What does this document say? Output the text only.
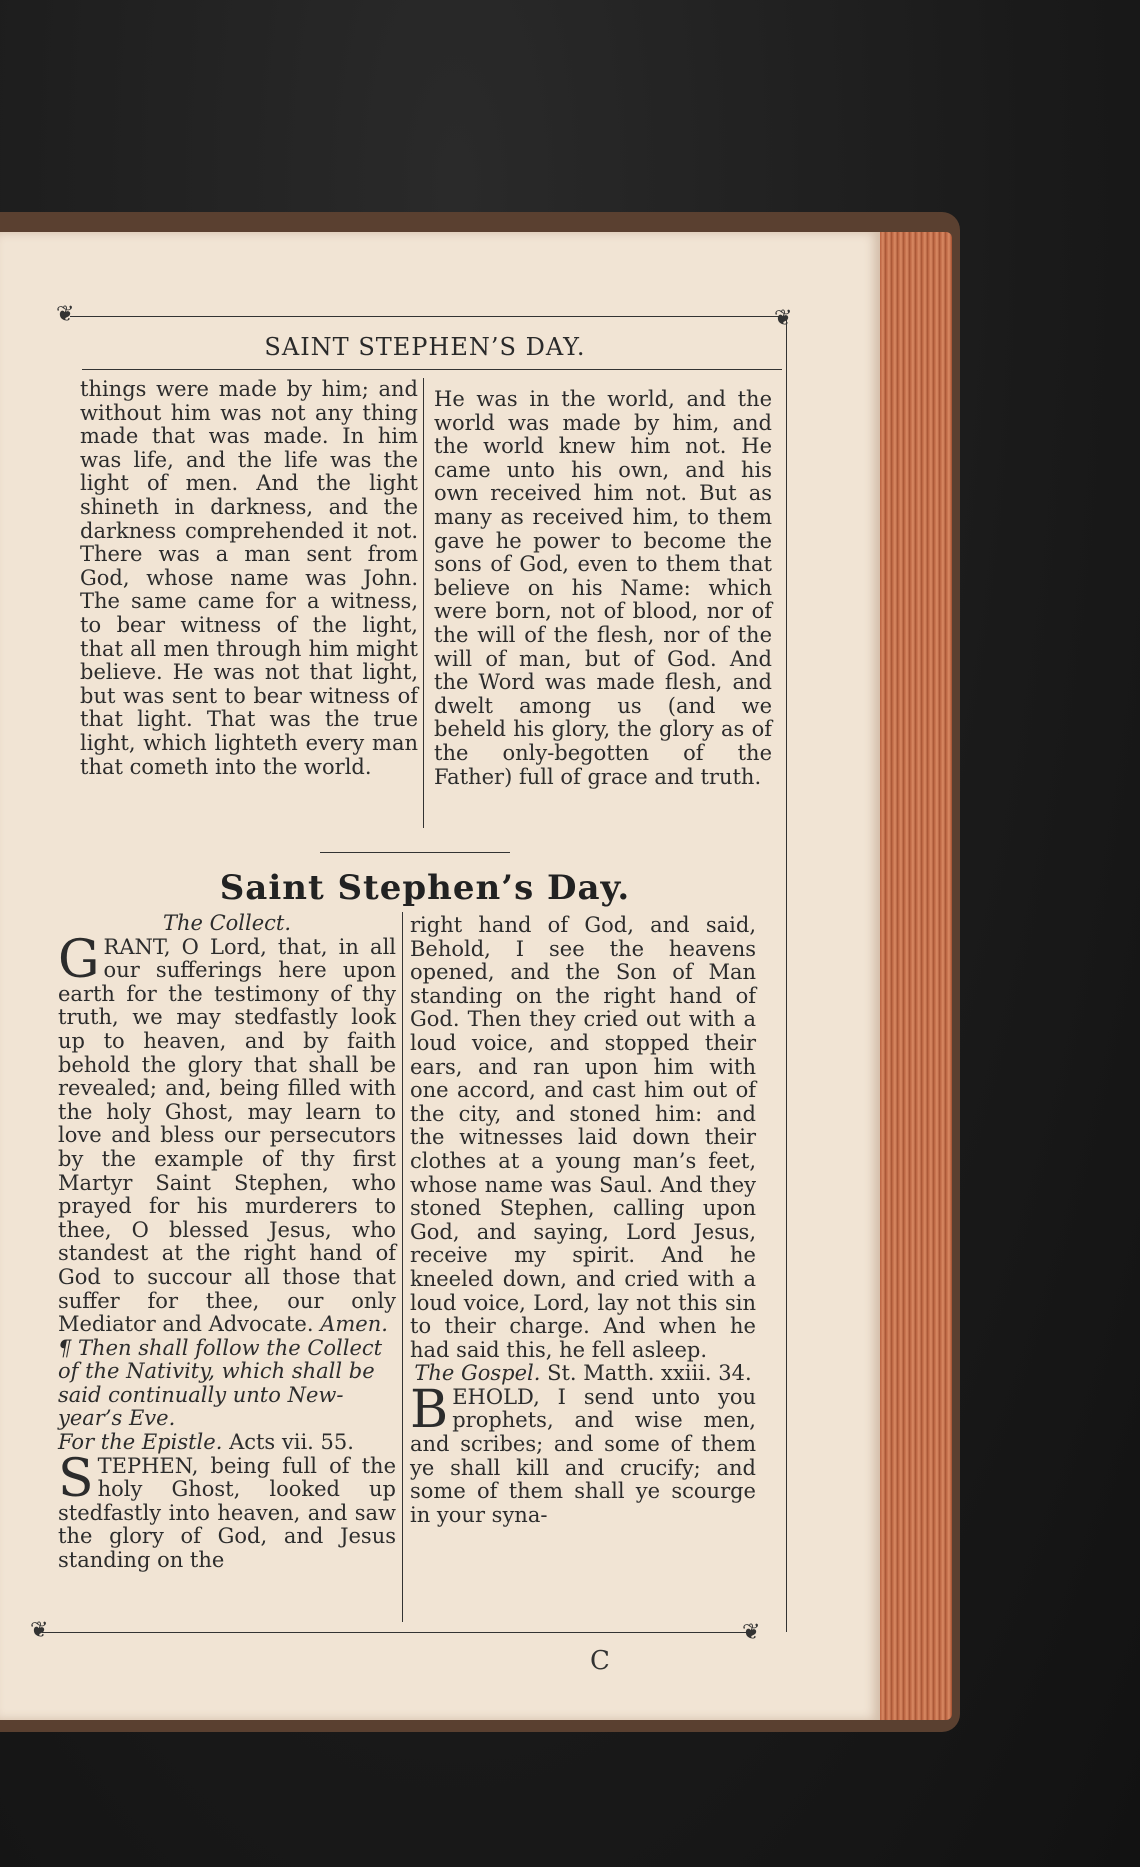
❦	❦
❦	❦
SAINT STEPHEN’S DAY.

things were made by him; and without him was not any thing made that was made. In him was life, and the life was the light of men. And the light shineth in darkness, and the darkness comprehended it not. There was a man sent from God, whose name was John. The same came for a witness, to bear witness of the light, that all men through him might believe. He was not that light, but was sent to bear witness of that light. That was the true light, which lighteth every man that cometh into the world.

He was in the world, and the world was made by him, and the world knew him not. He came unto his own, and his own received him not. But as many as received him, to them gave he power to become the sons of God, even to them that believe on his Name: which were born, not of blood, nor of the will of the flesh, nor of the will of man, but of God. And the Word was made flesh, and dwelt among us (and we beheld his glory, the glory as of the only-begotten of the Father) full of grace and truth.

Saint Stephen’s Day.

The Collect.

GRANT, O Lord, that, in all our sufferings here upon earth for the testimony of thy truth, we may stedfastly look up to heaven, and by faith behold the glory that shall be revealed; and, being filled with the holy Ghost, may learn to love and bless our persecutors by the example of thy first Martyr Saint Stephen, who prayed for his murderers to thee, O blessed Jesus, who standest at the right hand of God to succour all those that suffer for thee, our only Mediator and Advocate. Amen.

¶ Then shall follow the Collect of the Nativity, which shall be said continually unto New-year’s Eve.

For the Epistle. Acts vii. 55.

STEPHEN, being full of the holy Ghost, looked up stedfastly into heaven, and saw the glory of God, and Jesus standing on the

right hand of God, and said, Behold, I see the heavens opened, and the Son of Man standing on the right hand of God. Then they cried out with a loud voice, and stopped their ears, and ran upon him with one accord, and cast him out of the city, and stoned him: and the witnesses laid down their clothes at a young man’s feet, whose name was Saul. And they stoned Stephen, calling upon God, and saying, Lord Jesus, receive my spirit. And he kneeled down, and cried with a loud voice, Lord, lay not this sin to their charge. And when he had said this, he fell asleep.

The Gospel. St. Matth. xxiii. 34.

BEHOLD, I send unto you prophets, and wise men, and scribes; and some of them ye shall kill and crucify; and some of them shall ye scourge in your syna-

C
